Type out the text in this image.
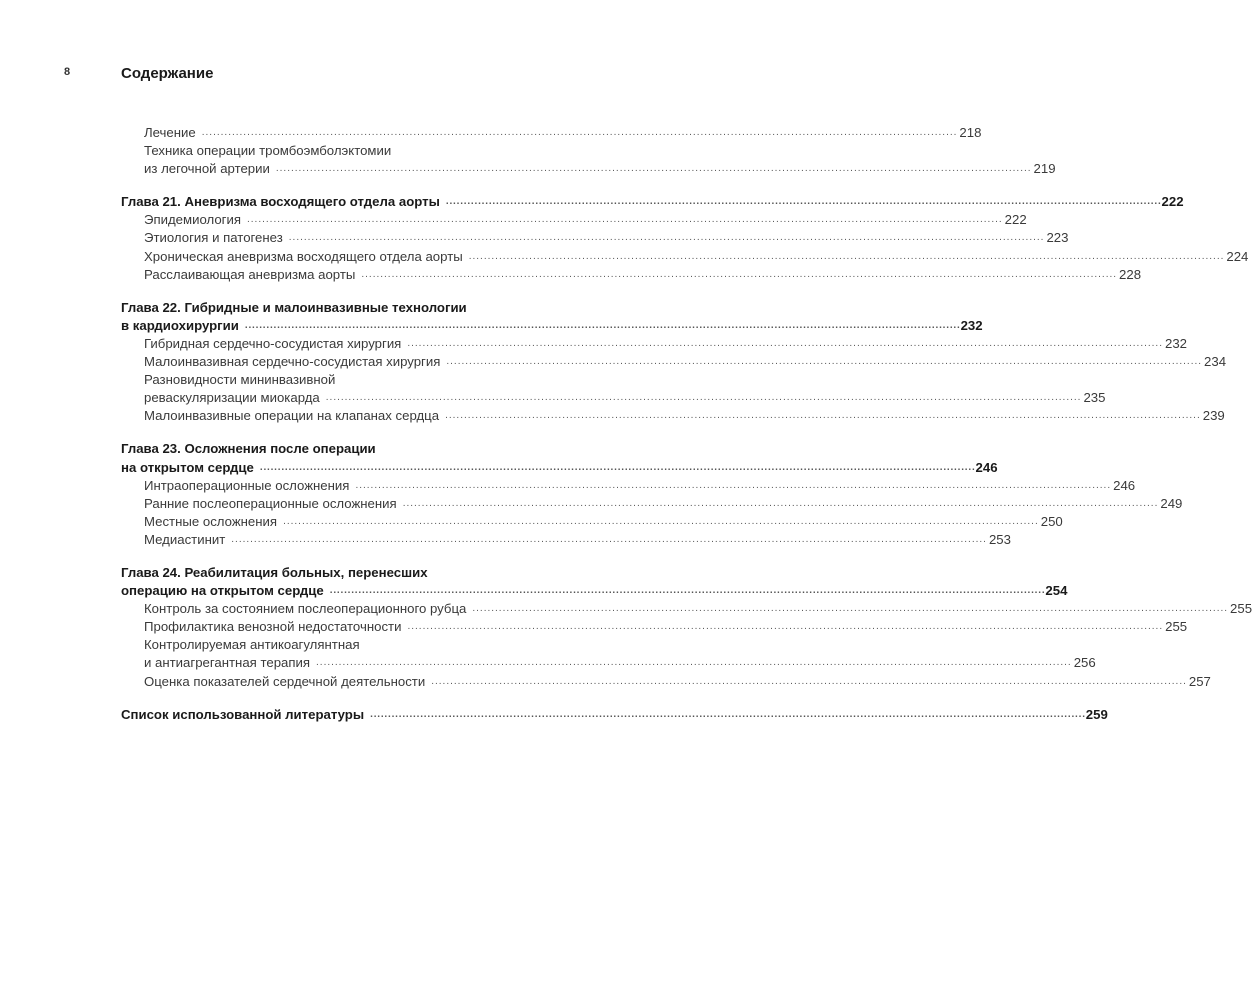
8	Содержание
Лечение ........................................................................................................................................................................................................ 218
Техника операции тромбоэмболэктомии
из легочной артерии ........................................................................................................................................................................................................ 219
Глава 21. Аневризма восходящего отдела аорты ........................................................................................................................................................................................................ 222
Эпидемиология ........................................................................................................................................................................................................ 222
Этиология и патогенез ........................................................................................................................................................................................................ 223
Хроническая аневризма восходящего отдела аорты ........................................................................................................................................................................................................ 224
Расслаивающая аневризма аорты ........................................................................................................................................................................................................ 228
Глава 22. Гибридные и малоинвазивные технологии
в кардиохирургии ........................................................................................................................................................................................................ 232
Гибридная сердечно-сосудистая хирургия ........................................................................................................................................................................................................ 232
Малоинвазивная сердечно-сосудистая хирургия ........................................................................................................................................................................................................ 234
Разновидности мининвазивной
реваскуляризации миокарда ........................................................................................................................................................................................................ 235
Малоинвазивные операции на клапанах сердца ........................................................................................................................................................................................................ 239
Глава 23. Осложнения после операции
на открытом сердце ........................................................................................................................................................................................................ 246
Интраоперационные осложнения ........................................................................................................................................................................................................ 246
Ранние послеоперационные осложнения ........................................................................................................................................................................................................ 249
Местные осложнения ........................................................................................................................................................................................................ 250
Медиастинит ........................................................................................................................................................................................................ 253
Глава 24. Реабилитация больных, перенесших
операцию на открытом сердце ........................................................................................................................................................................................................ 254
Контроль за состоянием послеоперационного рубца ........................................................................................................................................................................................................ 255
Профилактика венозной недостаточности ........................................................................................................................................................................................................ 255
Контролируемая антикоагулянтная
и антиагрегантная терапия ........................................................................................................................................................................................................ 256
Оценка показателей сердечной деятельности ........................................................................................................................................................................................................ 257
Список использованной литературы ........................................................................................................................................................................................................ 259
